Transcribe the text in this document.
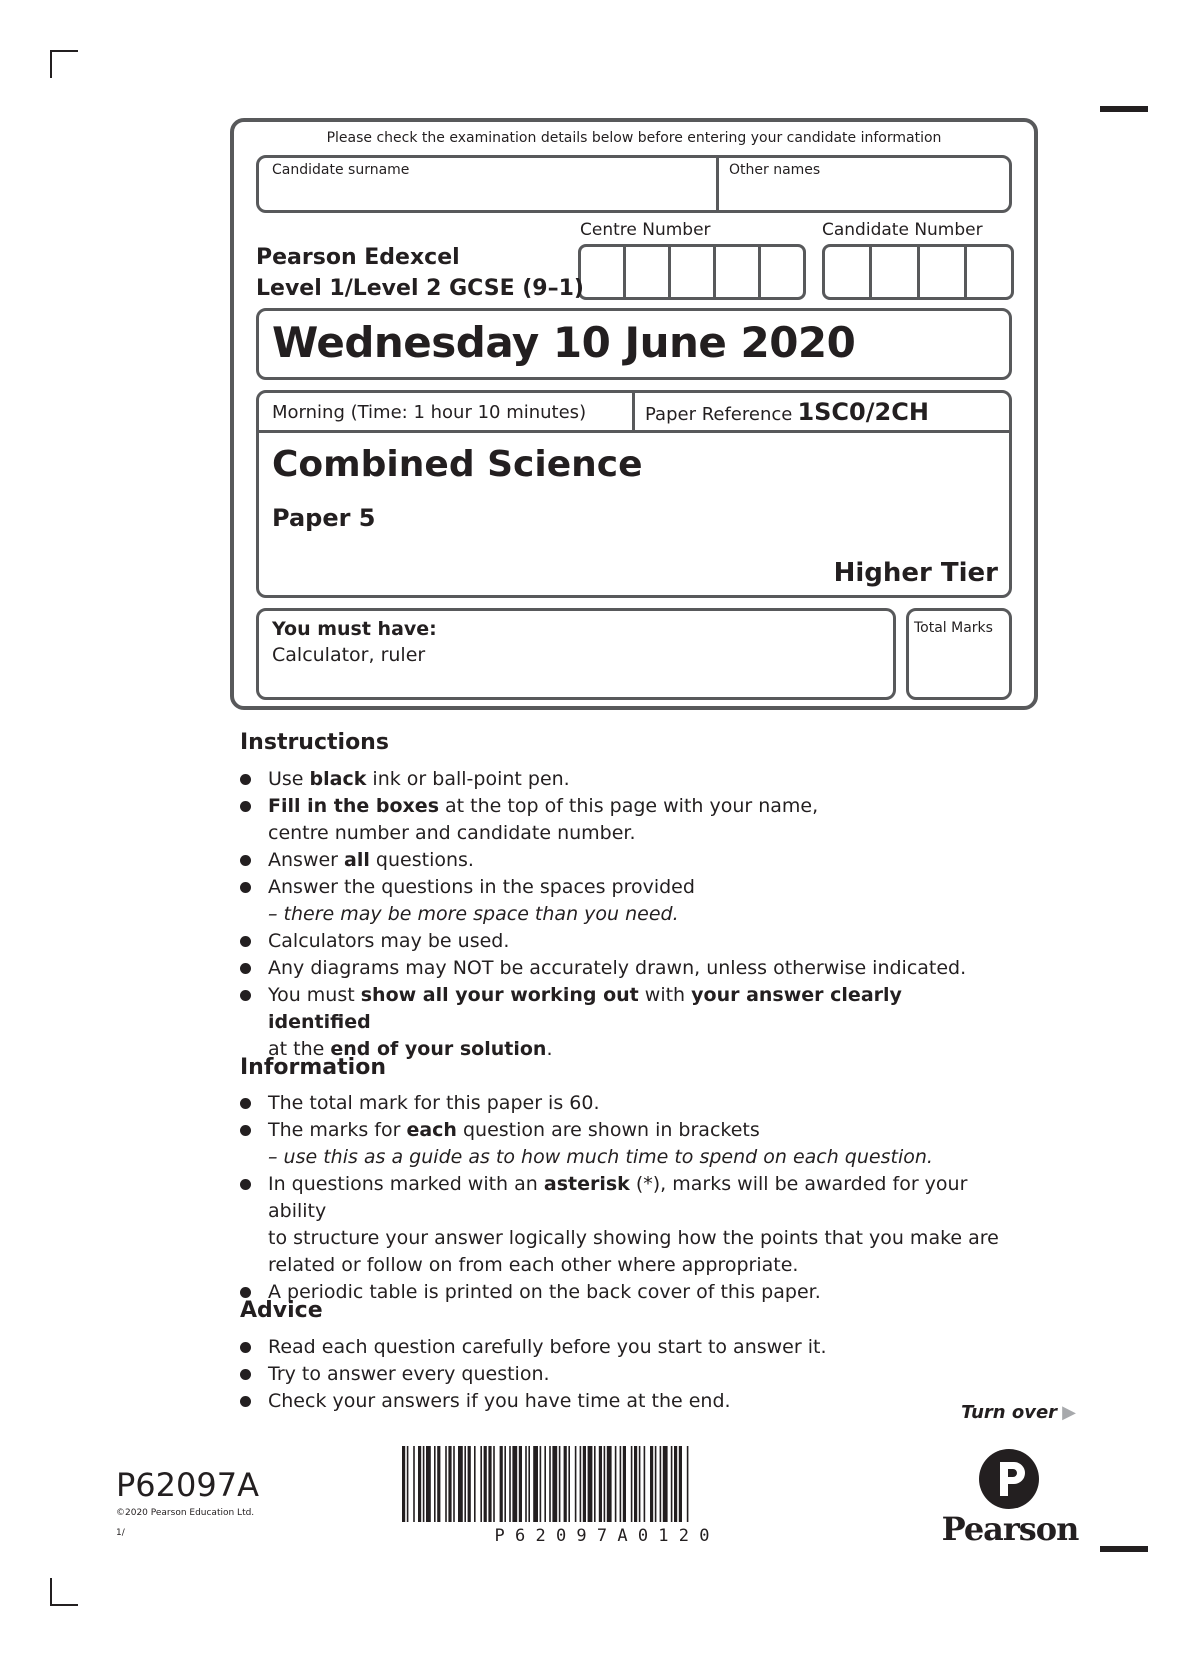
Please check the examination details below before entering your candidate information
Candidate surname	Other names
Centre Number	Candidate Number
Pearson Edexcel
Level 1/Level 2 GCSE (9–1)
Wednesday 10 June 2020
Morning (Time: 1 hour 10 minutes)	Paper Reference 1SC0/2CH
Combined Science
Paper 5
Higher Tier
You must have:
Calculator, ruler
Total Marks
Instructions
Use black ink or ball-point pen.
Fill in the boxes at the top of this page with your name,
centre number and candidate number.
Answer all questions.
Answer the questions in the spaces provided
– there may be more space than you need.
Calculators may be used.
Any diagrams may NOT be accurately drawn, unless otherwise indicated.
You must show all your working out with your answer clearly identified
at the end of your solution.
Information
The total mark for this paper is 60.
The marks for each question are shown in brackets
– use this as a guide as to how much time to spend on each question.
In questions marked with an asterisk (*), marks will be awarded for your ability
to structure your answer logically showing how the points that you make are
related or follow on from each other where appropriate.
A periodic table is printed on the back cover of this paper.
Advice
Read each question carefully before you start to answer it.
Try to answer every question.
Check your answers if you have time at the end.
Turn over ▶
P62097A
©2020 Pearson Education Ltd.
1/	P 6 2 0 9 7 A 0 1 2 0	Pearson
